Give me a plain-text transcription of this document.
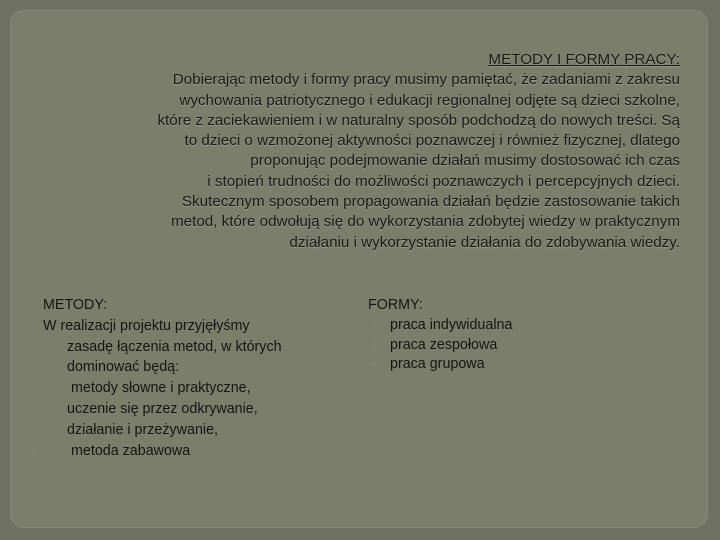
METODY I FORMY PRACY:
Dobierając metody i formy pracy musimy pamiętać, że zadaniami z zakresu
wychowania patriotycznego i edukacji regionalnej odjęte są dzieci szkolne,
które z zaciekawieniem i w naturalny sposób podchodzą do nowych treści. Są
to dzieci o wzmożonej aktywności poznawczej i również fizycznej, dlatego
proponując podejmowanie działań musimy dostosować ich czas
i stopień trudności do możliwości poznawczych i percepcyjnych dzieci.
Skutecznym sposobem propagowania działań będzie zastosowanie takich
metod, które odwołują się do wykorzystania zdobytej wiedzy w praktycznym
działaniu i wykorzystanie działania do zdobywania wiedzy.
METODY:
W realizacji projektu przyjęłyśmy
zasadę łączenia metod, w których
dominować będą:
metody słowne i praktyczne,
uczenie się przez odkrywanie,
działanie i przeżywanie,
▫ metoda zabawowa
FORMY:
▫ praca indywidualna
▫ praca zespołowa
▫ praca grupowa
